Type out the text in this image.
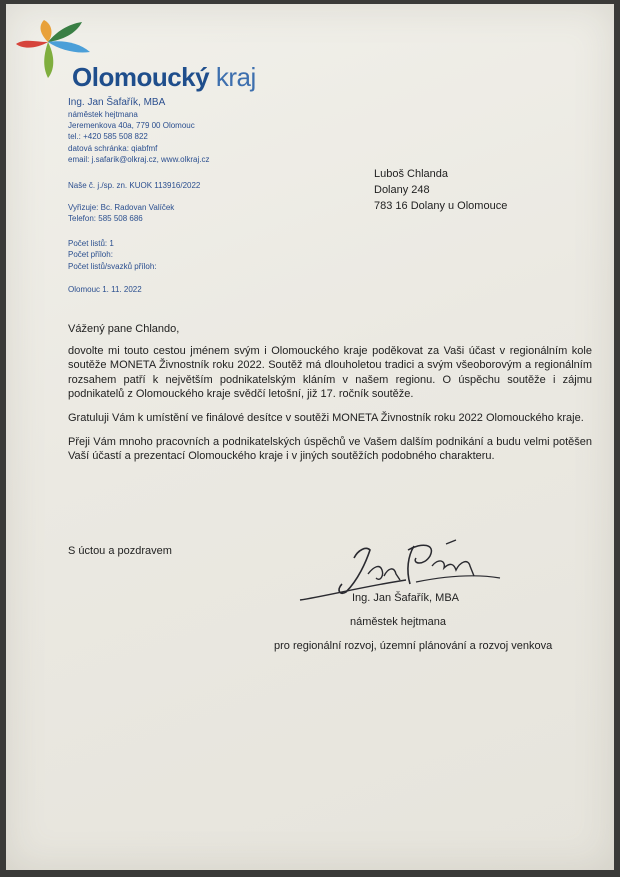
Olomoucký kraj
Ing. Jan Šafařík, MBA
náměstek hejtmana
Jeremenkova 40a, 779 00 Olomouc
tel.: +420 585 508 822
datová schránka: qiabfmf
email: j.safarik@olkraj.cz, www.olkraj.cz
Naše č. j./sp. zn. KUOK 113916/2022
Vyřizuje: Bc. Radovan Valíček
Telefon: 585 508 686
Počet listů: 1
Počet příloh:
Počet listů/svazků příloh:
Olomouc 1. 11. 2022
Luboš Chlanda
Dolany 248
783 16 Dolany u Olomouce

Vážený pane Chlando,

dovolte mi touto cestou jménem svým i Olomouckého kraje poděkovat za Vaši účast v regionálním kole soutěže MONETA Živnostník roku 2022. Soutěž má dlouholetou tradici a svým všeoborovým a regionálním rozsahem patří k největším podnikatelským kláním v našem regionu. O úspěchu soutěže i zájmu podnikatelů z Olomouckého kraje svědčí letošní, již 17. ročník soutěže.

Gratuluji Vám k umístění ve finálové desítce v soutěži MONETA Živnostník roku 2022 Olomouckého kraje.

Přeji Vám mnoho pracovních a podnikatelských úspěchů ve Vašem dalším podnikání a budu velmi potěšen Vaší účastí a prezentací Olomouckého kraje i v jiných soutěžích podobného charakteru.

S úctou a pozdravem
Ing. Jan Šafařík, MBA
náměstek hejtmana
pro regionální rozvoj, územní plánování a rozvoj venkova
